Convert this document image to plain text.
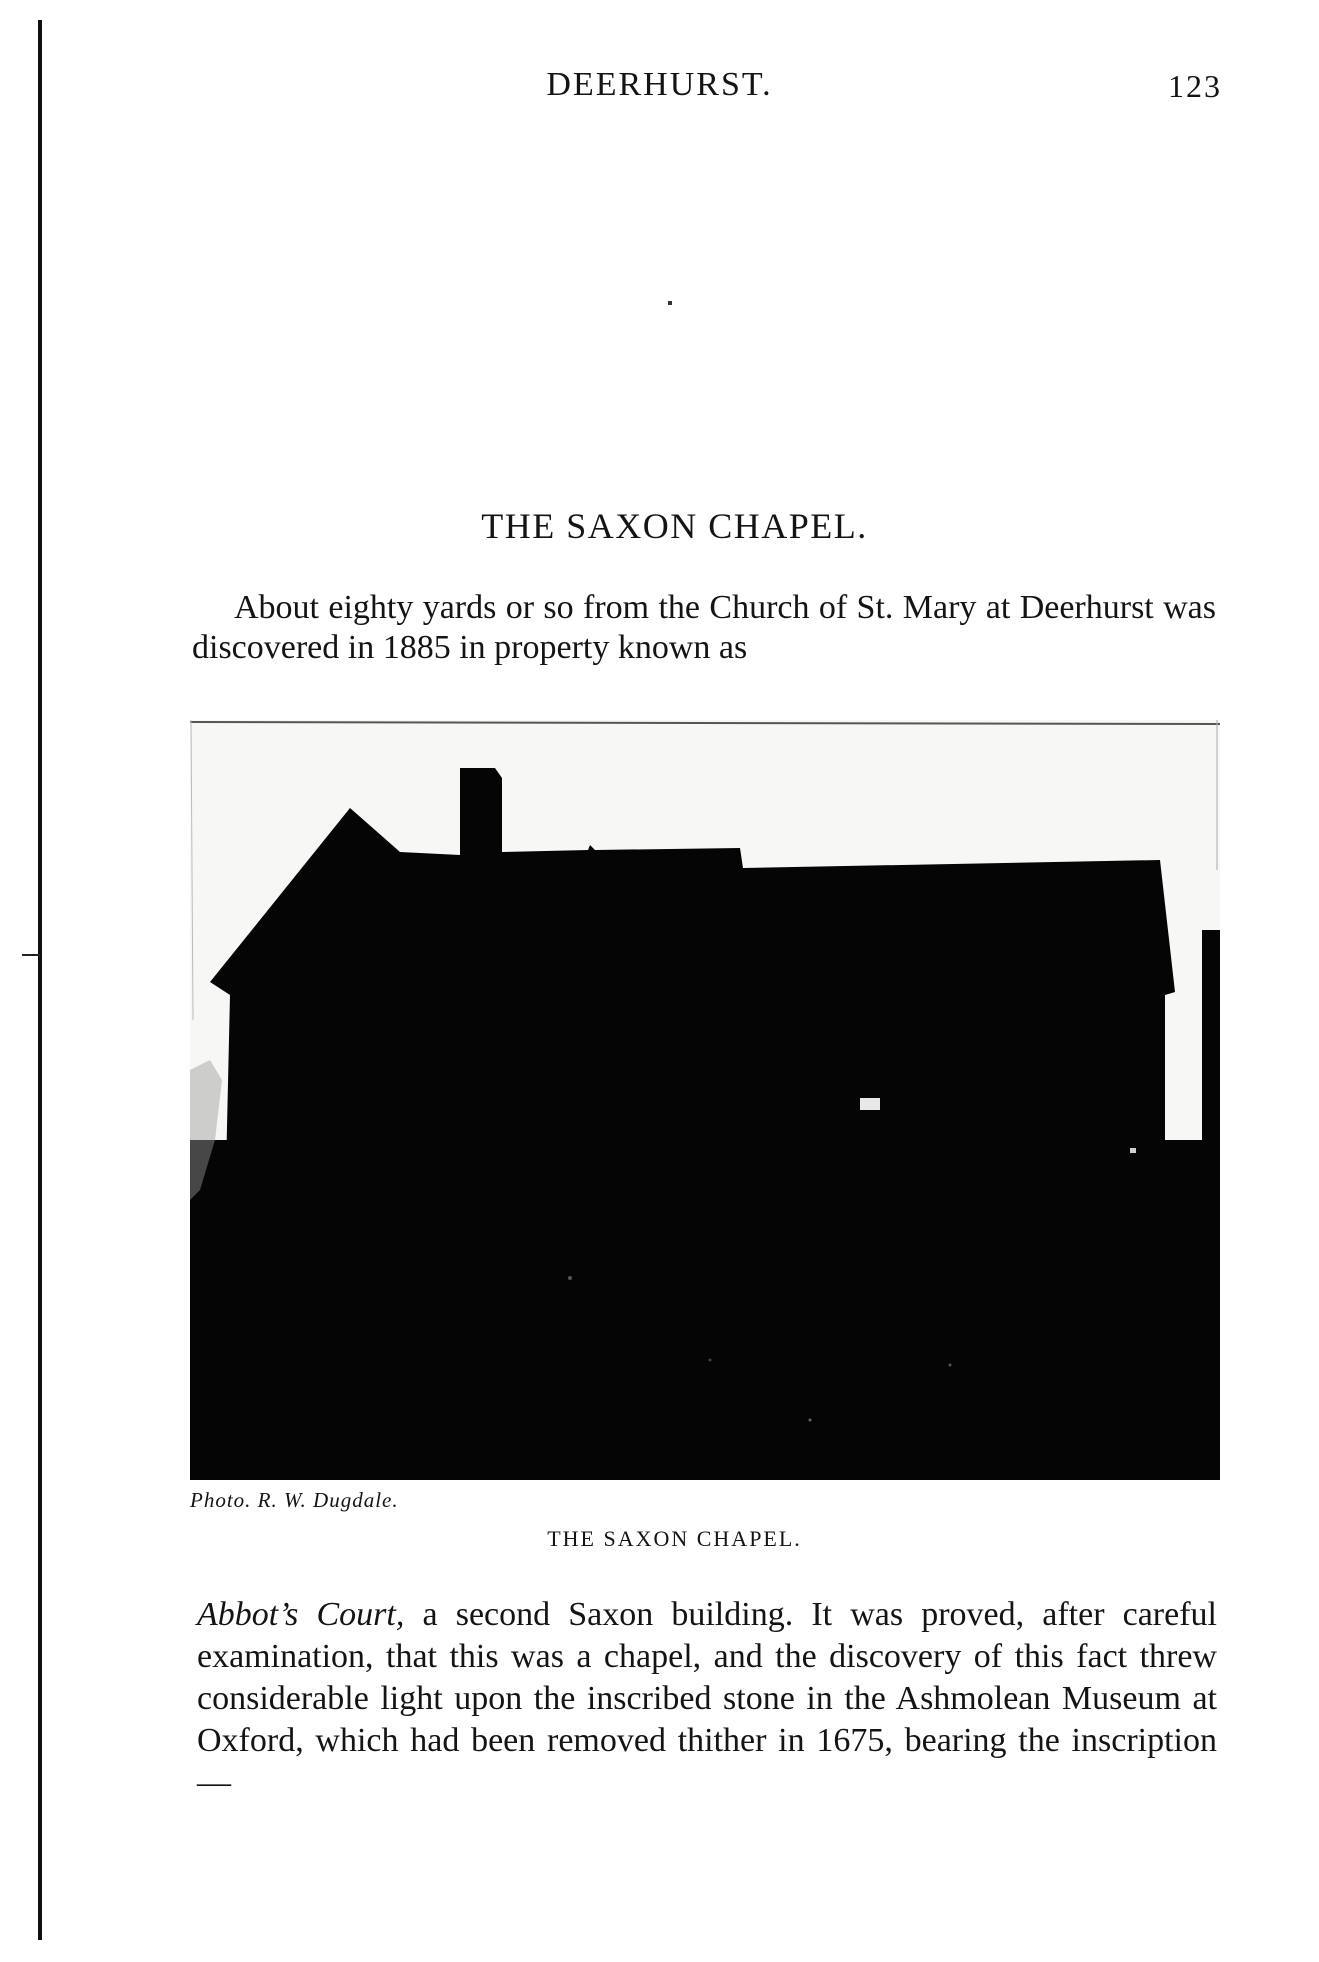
DEERHURST.	123
THE SAXON CHAPEL.

About eighty yards or so from the Church of St. Mary at Deerhurst was discovered in 1885 in property known as

Photo. R. W. Dugdale.
THE SAXON CHAPEL.

Abbot’s Court, a second Saxon building. It was proved, after careful examination, that this was a chapel, and the discovery of this fact threw considerable light upon the inscribed stone in the Ashmolean Museum at Oxford, which had been removed thither in 1675, bearing the inscription—
